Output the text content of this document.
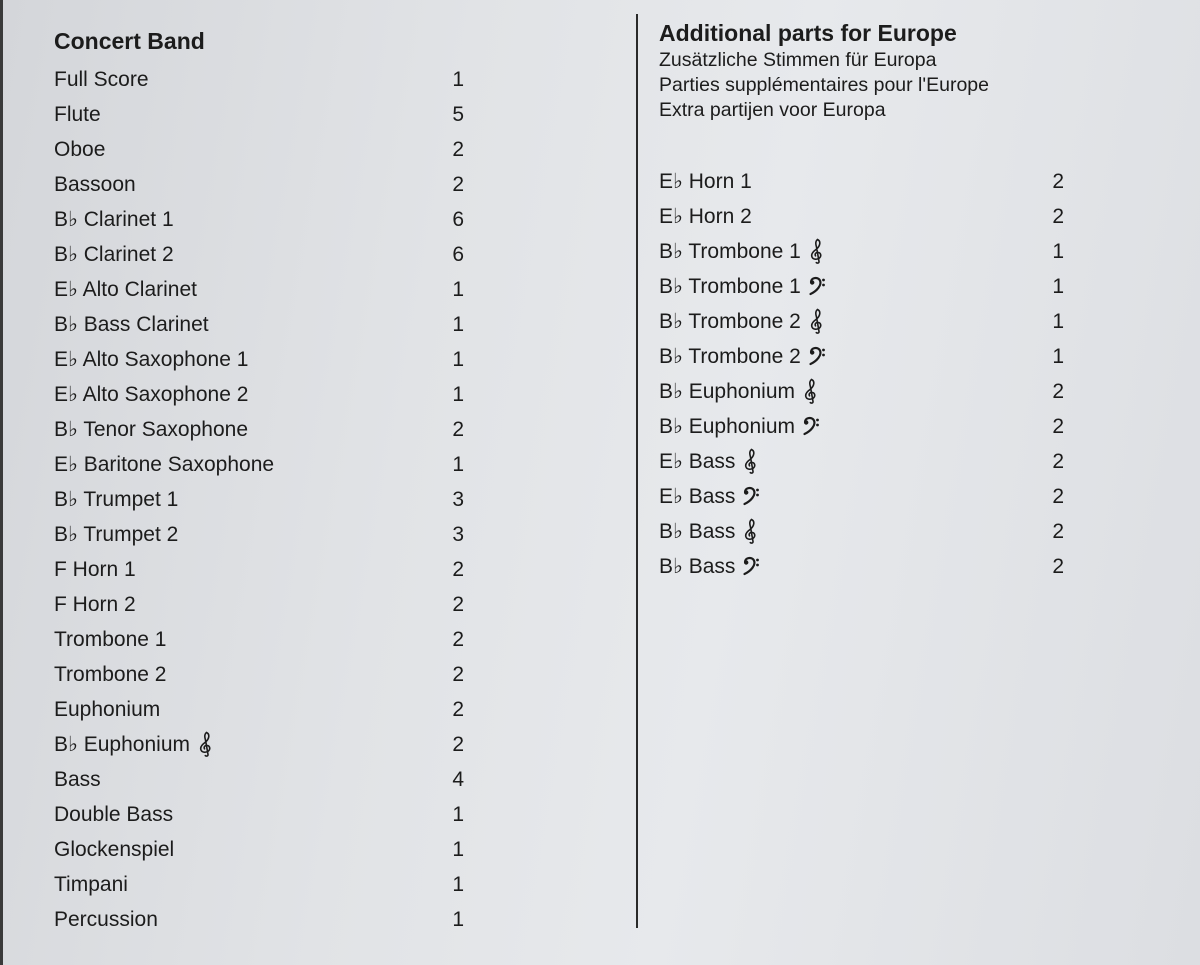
Concert Band
Full Score	1
Flute	5
Oboe	2
Bassoon	2
B♭ Clarinet 1	6
B♭ Clarinet 2	6
E♭ Alto Clarinet	1
B♭ Bass Clarinet	1
E♭ Alto Saxophone 1	1
E♭ Alto Saxophone 2	1
B♭ Tenor Saxophone	2
E♭ Baritone Saxophone	1
B♭ Trumpet 1	3
B♭ Trumpet 2	3
F Horn 1	2
F Horn 2	2
Trombone 1	2
Trombone 2	2
Euphonium	2
B♭ Euphonium	2
Bass	4
Double Bass	1
Glockenspiel	1
Timpani	1
Percussion	1
Additional parts for Europe

Zusätzliche Stimmen für Europa

Parties supplémentaires pour l'Europe

Extra partijen voor Europa

E♭ Horn 1	2
E♭ Horn 2	2
B♭ Trombone 1	1
B♭ Trombone 1	1
B♭ Trombone 2	1
B♭ Trombone 2	1
B♭ Euphonium	2
B♭ Euphonium	2
E♭ Bass	2
E♭ Bass	2
B♭ Bass	2
B♭ Bass	2
